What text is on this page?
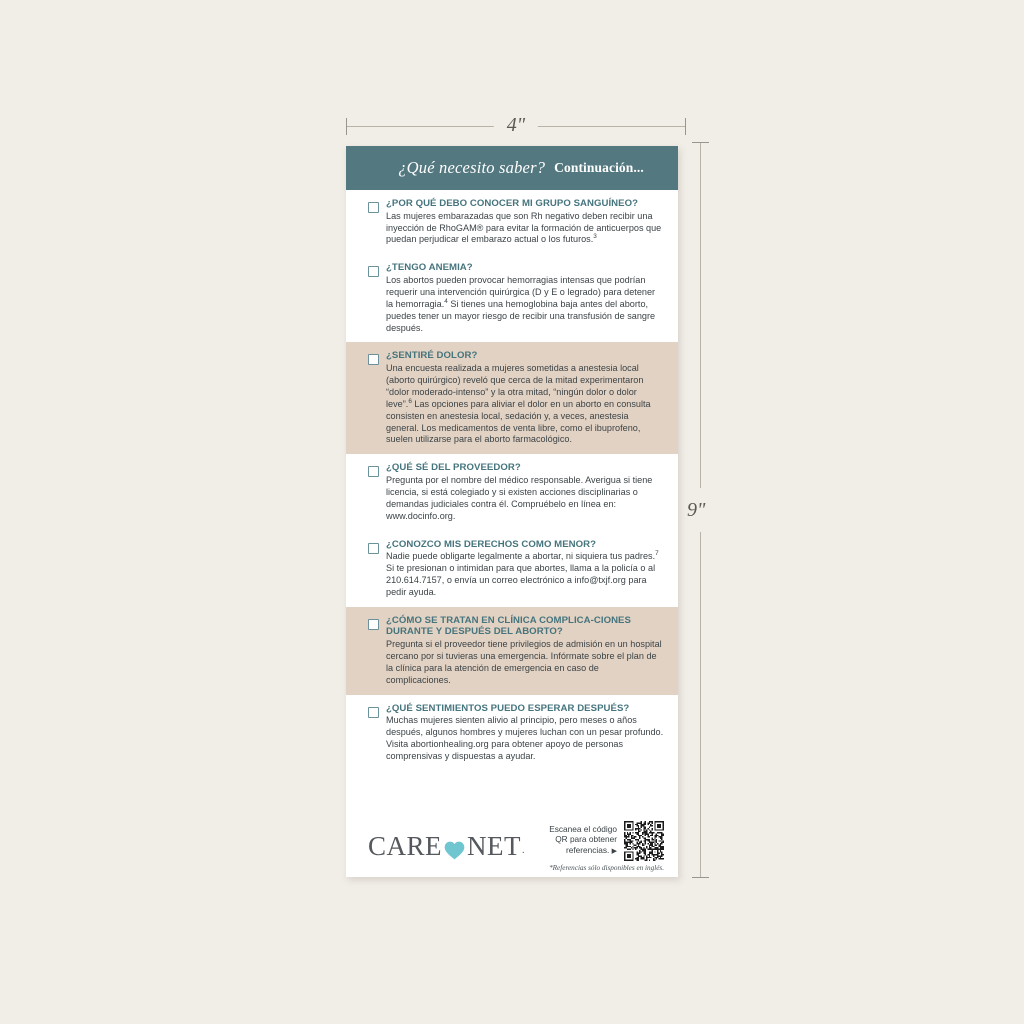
4"
9"
¿Qué necesito saber? Continuación...

¿POR QUÉ DEBO CONOCER MI GRUPO SANGUÍNEO?

Las mujeres embarazadas que son Rh negativo deben recibir una inyección de RhoGAM® para evitar la formación de anticuerpos que puedan perjudicar el embarazo actual o los futuros.$^3$

¿TENGO ANEMIA?

Los abortos pueden provocar hemorragias intensas que podrían requerir una intervención quirúrgica (D y E o legrado) para detener la hemorragia.$^4$ Si tienes una hemoglobina baja antes del aborto, puedes tener un mayor riesgo de recibir una transfusión de sangre después.

¿SENTIRÉ DOLOR?

Una encuesta realizada a mujeres sometidas a anestesia local (aborto quirúrgico) reveló que cerca de la mitad experimentaron “dolor moderado-intenso” y la otra mitad, “ningún dolor o dolor leve”.$^6$ Las opciones para aliviar el dolor en un aborto en consulta consisten en anestesia local, sedación y, a veces, anestesia general. Los medicamentos de venta libre, como el ibuprofeno, suelen utilizarse para el aborto farmacológico.

¿QUÉ SÉ DEL PROVEEDOR?

Pregunta por el nombre del médico responsable. Averigua si tiene licencia, si está colegiado y si existen acciones disciplinarias o demandas judiciales contra él. Compruébelo en línea en: www.docinfo.org.

¿CONOZCO MIS DERECHOS COMO MENOR?

Nadie puede obligarte legalmente a abortar, ni siquiera tus padres.$^7$ Si te presionan o intimidan para que abortes, llama a la policía o al 210.614.7157, o envía un correo electrónico a info@txjf.org para pedir ayuda.

¿CÓMO SE TRATAN EN CLÍNICA COMPLICA-CIONES DURANTE Y DESPUÉS DEL ABORTO?

Pregunta si el proveedor tiene privilegios de admisión en un hospital cercano por si tuvieras una emergencia. Infórmate sobre el plan de la clínica para la atención de emergencia en caso de complicaciones.

¿QUÉ SENTIMIENTOS PUEDO ESPERAR DESPUÉS?

Muchas mujeres sienten alivio al principio, pero meses o años después, algunos hombres y mujeres luchan con un pesar profundo. Visita abortionhealing.org para obtener apoyo de personas comprensivas y dispuestas a ayudar.

CARE NET .
Escanea el código
QR para obtener
referencias. ▶
*Referencias sólo disponibles en inglés.
